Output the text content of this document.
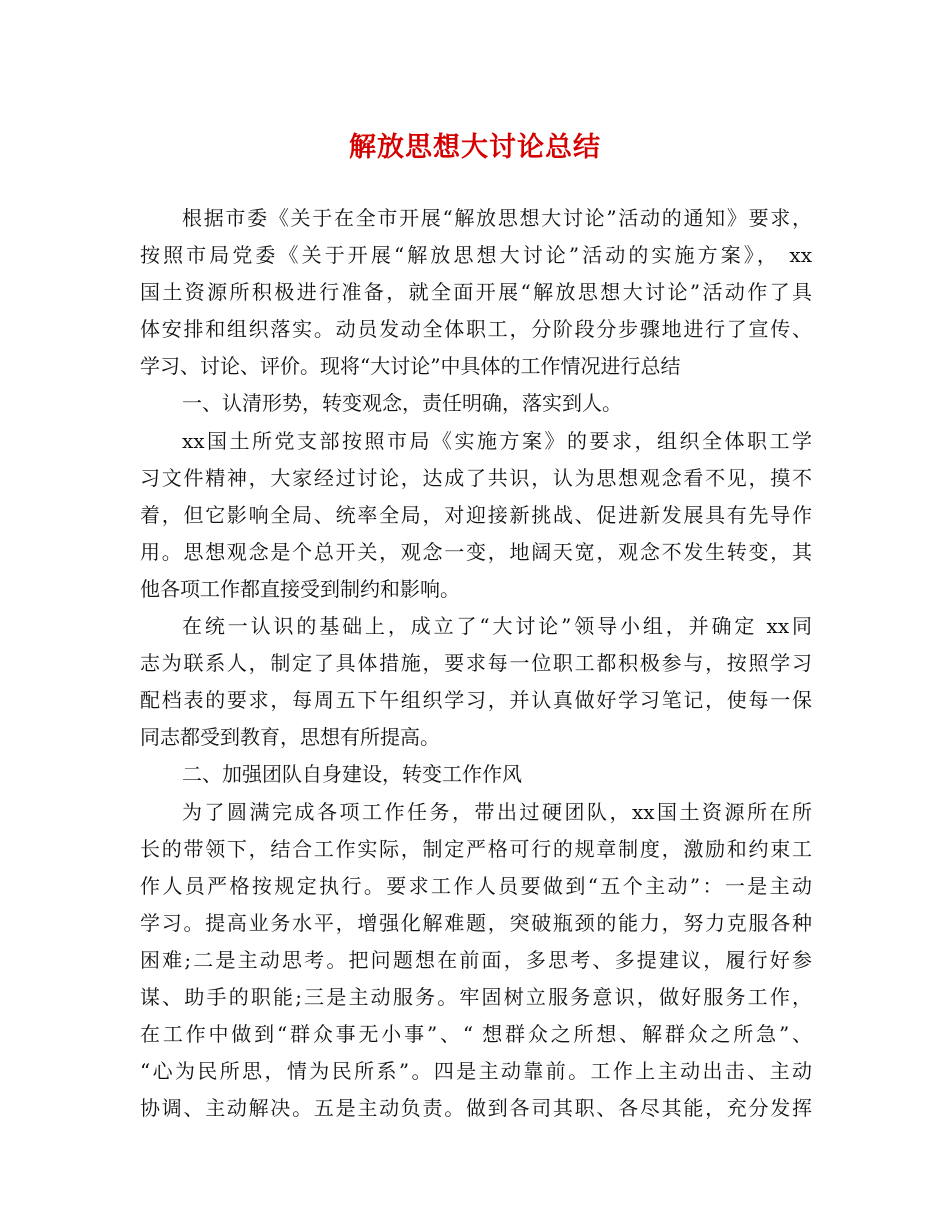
解放思想大讨论总结
根据市委《关于在全市开展“解放思想大讨论”活动的通知》要求，
按照市局党委《关于开展“解放思想大讨论”活动的实施方案》， xx
国土资源所积极进行准备，就全面开展“解放思想大讨论”活动作了具
体安排和组织落实。动员发动全体职工，分阶段分步骤地进行了宣传、
学习、讨论、评价。现将“大讨论”中具体的工作情况进行总结
一、认清形势，转变观念，责任明确，落实到人。
xx国土所党支部按照市局《实施方案》的要求，组织全体职工学
习文件精神，大家经过讨论，达成了共识，认为思想观念看不见，摸不
着，但它影响全局、统率全局，对迎接新挑战、促进新发展具有先导作
用。思想观念是个总开关，观念一变，地阔天宽，观念不发生转变，其
他各项工作都直接受到制约和影响。
在统一认识的基础上，成立了“大讨论”领导小组，并确定 xx同
志为联系人，制定了具体措施，要求每一位职工都积极参与，按照学习
配档表的要求，每周五下午组织学习，并认真做好学习笔记，使每一保
同志都受到教育，思想有所提高。
二、加强团队自身建设，转变工作作风
为了圆满完成各项工作任务，带出过硬团队，xx国土资源所在所
长的带领下，结合工作实际，制定严格可行的规章制度，激励和约束工
作人员严格按规定执行。要求工作人员要做到“五个主动”：一是主动
学习。提高业务水平，增强化解难题，突破瓶颈的能力，努力克服各种
困难;二是主动思考。把问题想在前面，多思考、多提建议，履行好参
谋、助手的职能;三是主动服务。牢固树立服务意识，做好服务工作，
在工作中做到“群众事无小事”、“ 想群众之所想、解群众之所急”、
“心为民所思，情为民所系”。四是主动靠前。工作上主动出击、主动
协调、主动解决。五是主动负责。做到各司其职、各尽其能，充分发挥
